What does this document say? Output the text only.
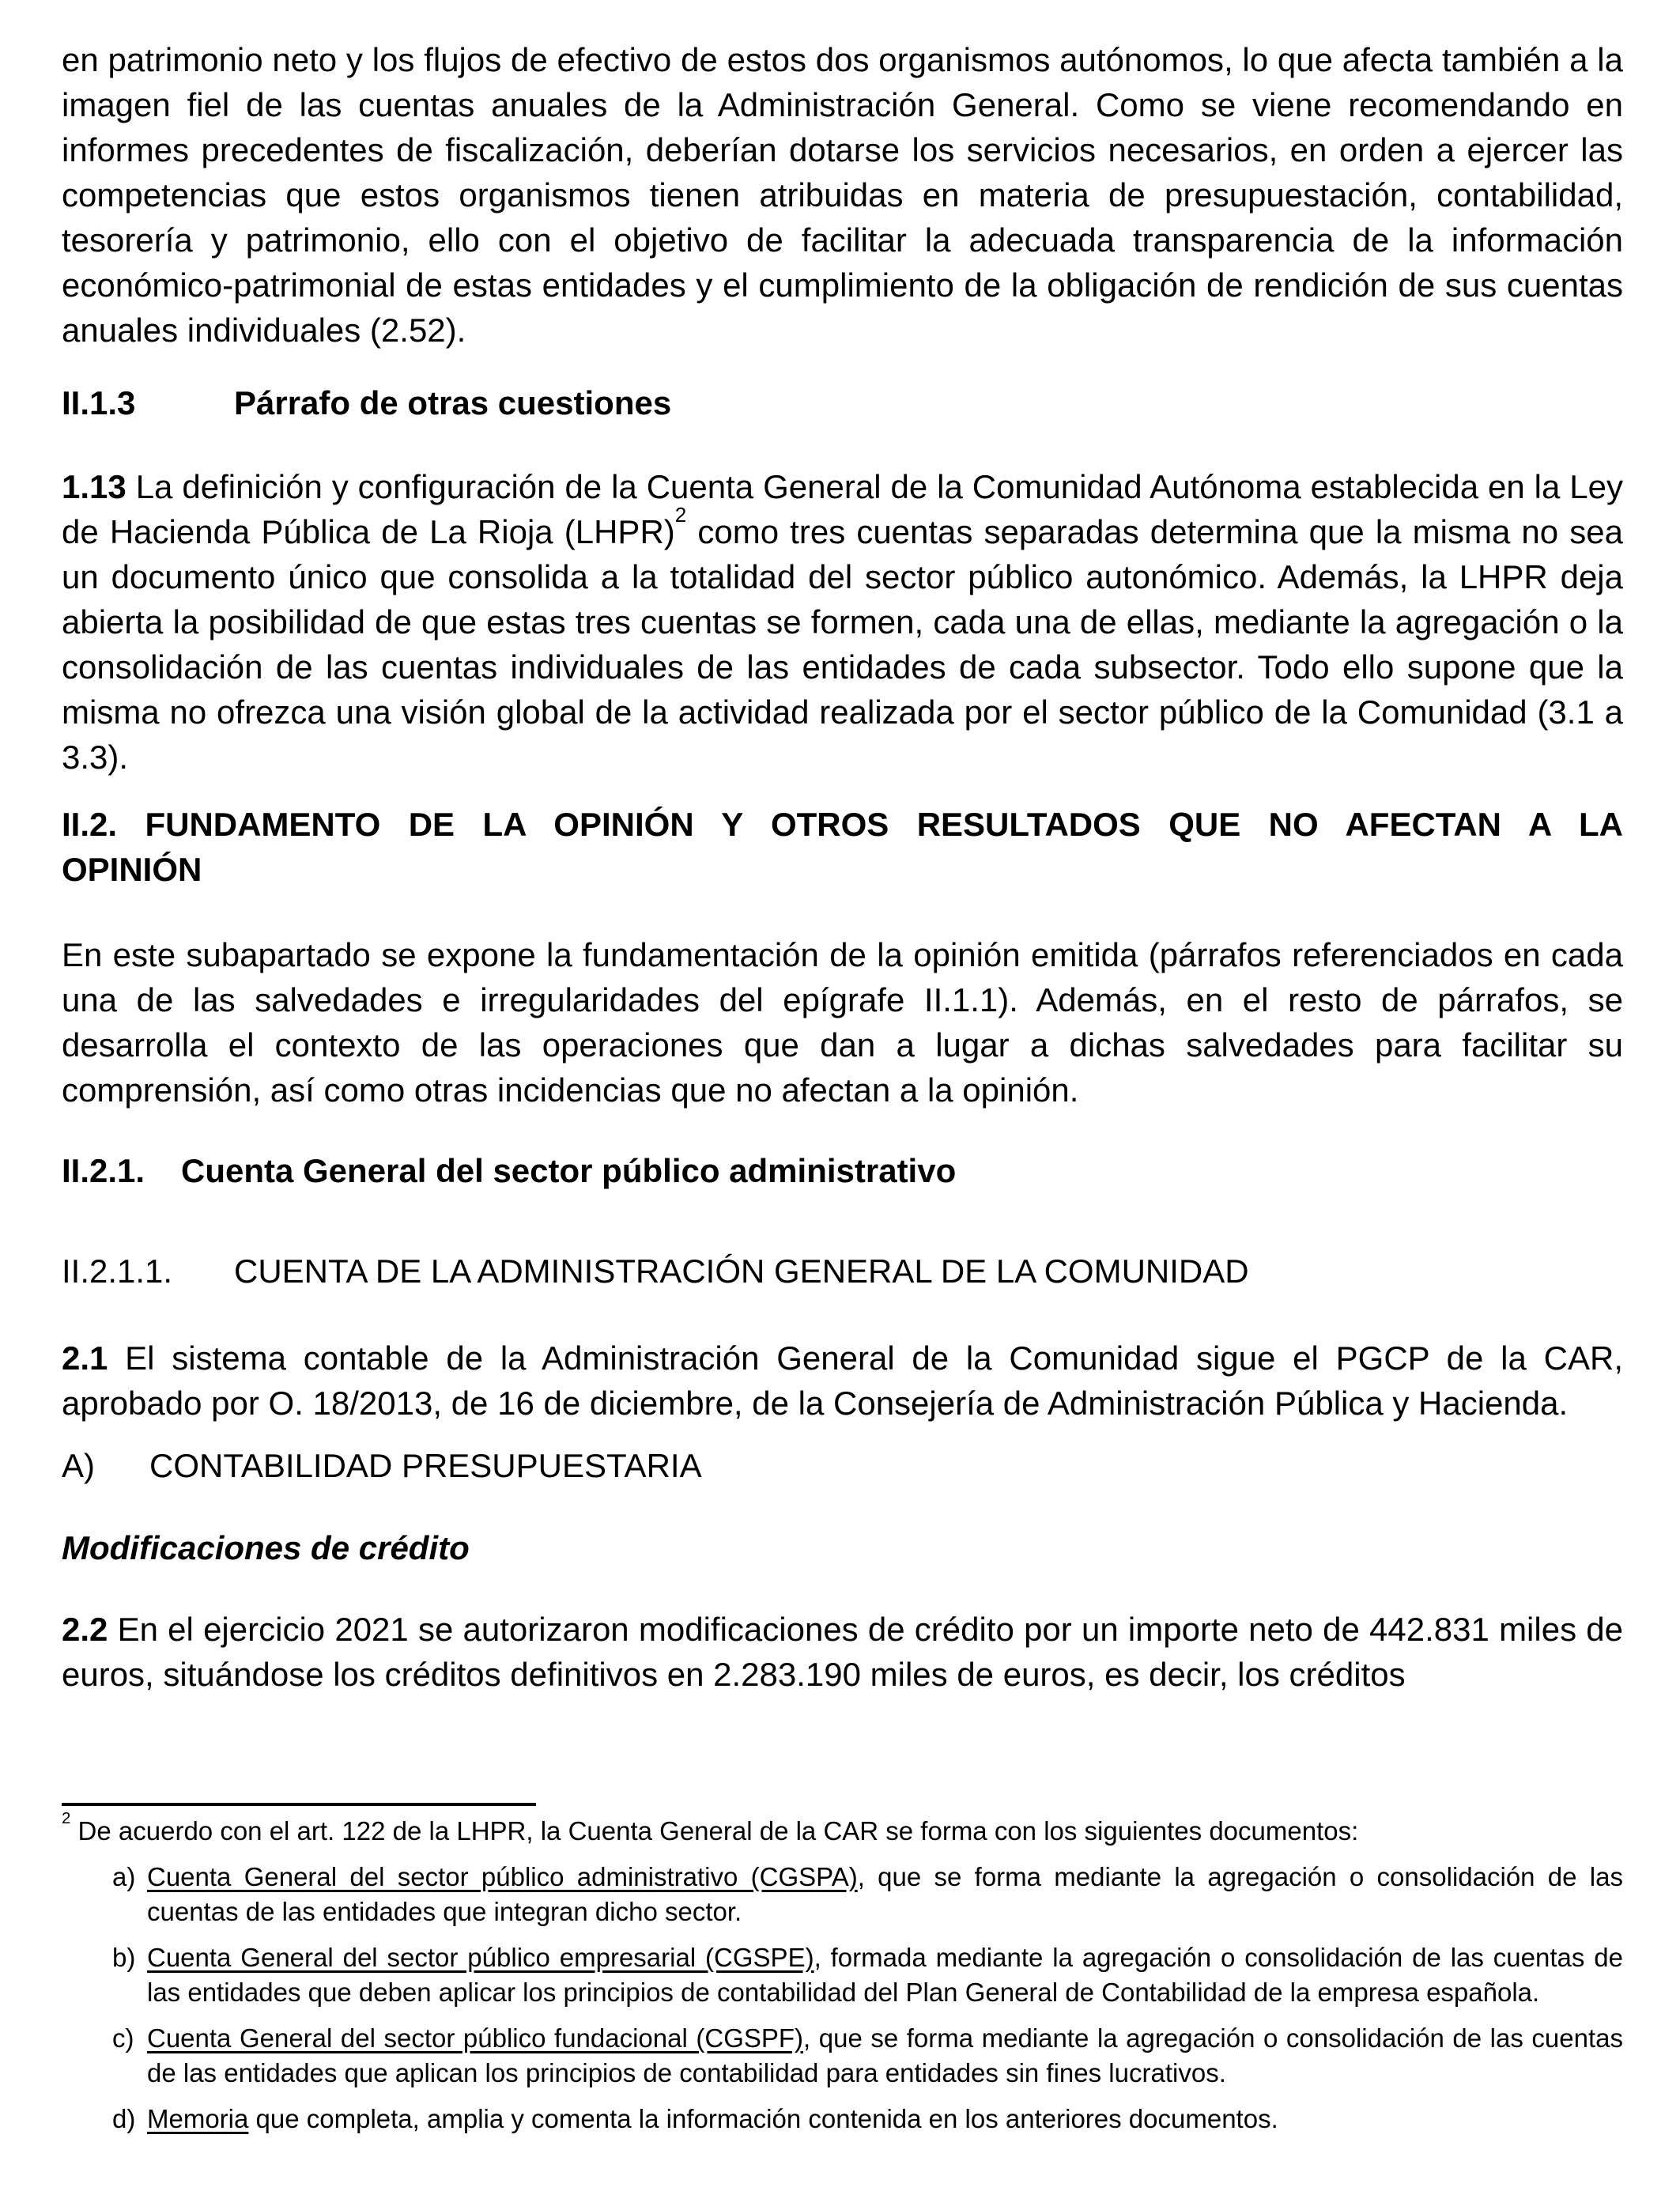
en patrimonio neto y los flujos de efectivo de estos dos organismos autónomos, lo que afecta también a la imagen fiel de las cuentas anuales de la Administración General. Como se viene recomendando en informes precedentes de fiscalización, deberían dotarse los servicios necesarios, en orden a ejercer las competencias que estos organismos tienen atribuidas en materia de presupuestación, contabilidad, tesorería y patrimonio, ello con el objetivo de facilitar la adecuada transparencia de la información económico-patrimonial de estas entidades y el cumplimiento de la obligación de rendición de sus cuentas anuales individuales (2.52).

II.1.3	Párrafo de otras cuestiones

1.13 La definición y configuración de la Cuenta General de la Comunidad Autónoma establecida en la Ley de Hacienda Pública de La Rioja (LHPR)$^2$ como tres cuentas separadas determina que la misma no sea un documento único que consolida a la totalidad del sector público autonómico. Además, la LHPR deja abierta la posibilidad de que estas tres cuentas se formen, cada una de ellas, mediante la agregación o la consolidación de las cuentas individuales de las entidades de cada subsector. Todo ello supone que la misma no ofrezca una visión global de la actividad realizada por el sector público de la Comunidad (3.1 a 3.3).

II.2. FUNDAMENTO DE LA OPINIÓN Y OTROS RESULTADOS QUE NO AFECTAN A LA
OPINIÓN

En este subapartado se expone la fundamentación de la opinión emitida (párrafos referenciados en cada una de las salvedades e irregularidades del epígrafe II.1.1). Además, en el resto de párrafos, se desarrolla el contexto de las operaciones que dan a lugar a dichas salvedades para facilitar su comprensión, así como otras incidencias que no afectan a la opinión.

II.2.1.	Cuenta General del sector público administrativo

II.2.1.1.	CUENTA DE LA ADMINISTRACIÓN GENERAL DE LA COMUNIDAD

2.1 El sistema contable de la Administración General de la Comunidad sigue el PGCP de la CAR, aprobado por O. 18/2013, de 16 de diciembre, de la Consejería de Administración Pública y Hacienda.

A)	CONTABILIDAD PRESUPUESTARIA

Modificaciones de crédito

2.2 En el ejercicio 2021 se autorizaron modificaciones de crédito por un importe neto de 442.831 miles de euros, situándose los créditos definitivos en 2.283.190 miles de euros, es decir, los créditos

$^2$ De acuerdo con el art. 122 de la LHPR, la Cuenta General de la CAR se forma con los siguientes documentos:

a) Cuenta General del sector público administrativo (CGSPA), que se forma mediante la agregación o consolidación de las cuentas de las entidades que integran dicho sector.
b) Cuenta General del sector público empresarial (CGSPE), formada mediante la agregación o consolidación de las cuentas de las entidades que deben aplicar los principios de contabilidad del Plan General de Contabilidad de la empresa española.
c) Cuenta General del sector público fundacional (CGSPF), que se forma mediante la agregación o consolidación de las cuentas de las entidades que aplican los principios de contabilidad para entidades sin fines lucrativos.
d) Memoria que completa, amplia y comenta la información contenida en los anteriores documentos.
